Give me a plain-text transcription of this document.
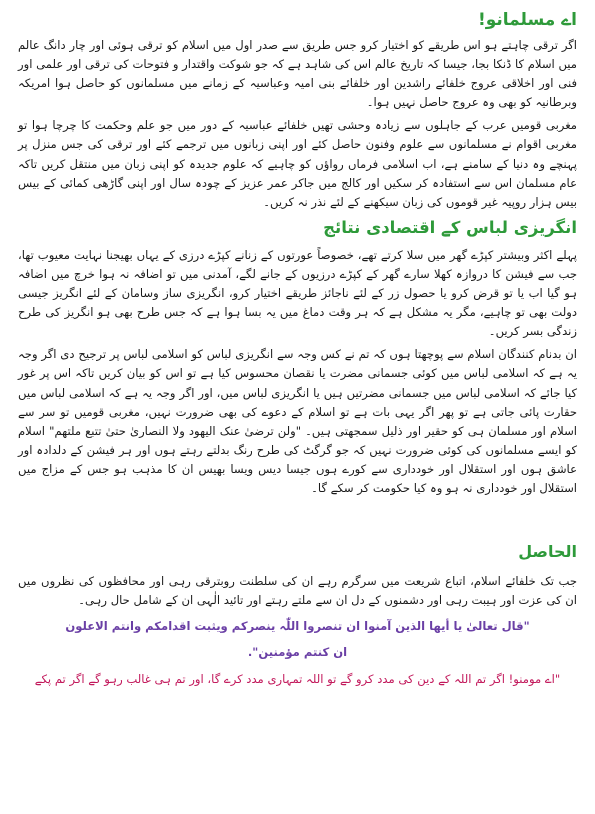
اے مسلمانو!

اگر ترقی چاہتے ہو اس طریقے کو اختیار کرو جس طریق سے صدر اول میں اسلام کو ترقی ہوئی اور چار دانگ عالم میں اسلام کا ڈنکا بجا، جیسا کہ تاریخ عالم اس کی شاہد ہے کہ جو شوکت واقتدار و فتوحات کی ترقی اور علمی اور فنی اور اخلاقی عروج خلفائے راشدین اور خلفائے بنی امیہ وعباسیہ کے زمانے میں مسلمانوں کو حاصل ہوا امریکہ وبرطانیہ کو بھی وہ عروج حاصل نہیں ہوا۔

مغربی قومیں عرب کے جاہلوں سے زیادہ وحشی تھیں خلفائے عباسیہ کے دور میں جو علم وحکمت کا چرچا ہوا تو مغربی اقوام نے مسلمانوں سے علوم وفنون حاصل کئے اور اپنی زبانوں میں ترجمے کئے اور ترقی کی جس منزل پر پہنچے وہ دنیا کے سامنے ہے، اب اسلامی فرماں رواؤں کو چاہیے کہ علوم جدیدہ کو اپنی زبان میں منتقل کریں تاکہ عام مسلمان اس سے استفادہ کر سکیں اور کالج میں جاکر عمر عزیز کے چودہ سال اور اپنی گاڑھی کمائی کے بیس بیس ہزار روپیہ غیر قوموں کی زبان سیکھنے کے لئے نذر نہ کریں۔

انگریزی لباس کے اقتصادی نتائج

پہلے اکثر وبیشتر کپڑے گھر میں سلا کرتے تھے، خصوصاً عورتوں کے زنانے کپڑے درزی کے یہاں بھیجنا نہایت معیوب تھا، جب سے فیشن کا دروازہ کھلا سارے گھر کے کپڑے درزیوں کے جانے لگے، آمدنی میں تو اضافہ نہ ہوا خرچ میں اضافہ ہو گیا اب یا تو قرض کرو یا حصول زر کے لئے ناجائز طریقے اختیار کرو، انگریزی ساز وسامان کے لئے انگریز جیسی دولت بھی تو چاہیے، مگر یہ مشکل ہے کہ ہر وقت دماغ میں یہ بسا ہوا ہے کہ جس طرح بھی ہو انگریز کی طرح زندگی بسر کریں۔

ان بدنام کنندگان اسلام سے پوچھتا ہوں کہ تم نے کس وجہ سے انگریزی لباس کو اسلامی لباس پر ترجیح دی اگر وجہ یہ ہے کہ اسلامی لباس میں کوئی جسمانی مضرت یا نقصان محسوس کیا ہے تو اس کو بیان کریں تاکہ اس پر غور کیا جائے کہ اسلامی لباس میں جسمانی مضرتیں ہیں یا انگریزی لباس میں، اور اگر وجہ یہ ہے کہ اسلامی لباس میں حقارت پائی جاتی ہے تو پھر اگر یہی بات ہے تو اسلام کے دعوے کی بھی ضرورت نہیں، مغربی قومیں تو سر سے اسلام اور مسلمان ہی کو حقیر اور ذلیل سمجھتی ہیں۔ "ولن ترضیٰ عنک الیهود ولا النصاریٰ حتیٰ تتبع ملتهم" اسلام کو ایسے مسلمانوں کی کوئی ضرورت نہیں کہ جو گرگٹ کی طرح رنگ بدلتے رہتے ہوں اور ہر فیشن کے دلدادہ اور عاشق ہوں اور استقلال اور خودداری سے کورے ہوں جیسا دیس ویسا بھیس ان کا مذہب ہو جس کے مزاج میں استقلال اور خودداری نہ ہو وہ کیا حکومت کر سکے گا۔

الحاصل

جب تک خلفائے اسلام، اتباع شریعت میں سرگرم رہے ان کی سلطنت روبترقی رہی اور محافظوں کی نظروں میں ان کی عزت اور ہیبت رہی اور دشمنوں کے دل ان سے ملتے رہتے اور تائید الٰہی ان کے شامل حال رہی۔

"قال تعالیٰ یا أیها الذین آمنوا ان تنصروا اللّٰہ ینصرکم ویثبت اقدامکم وانتم الاعلون

ان کنتم مؤمنین".

"اے مومنو! اگر تم اللہ کے دین کی مدد کرو گے تو اللہ تمہاری مدد کرے گا، اور تم ہی غالب رہو گے اگر تم پکے
